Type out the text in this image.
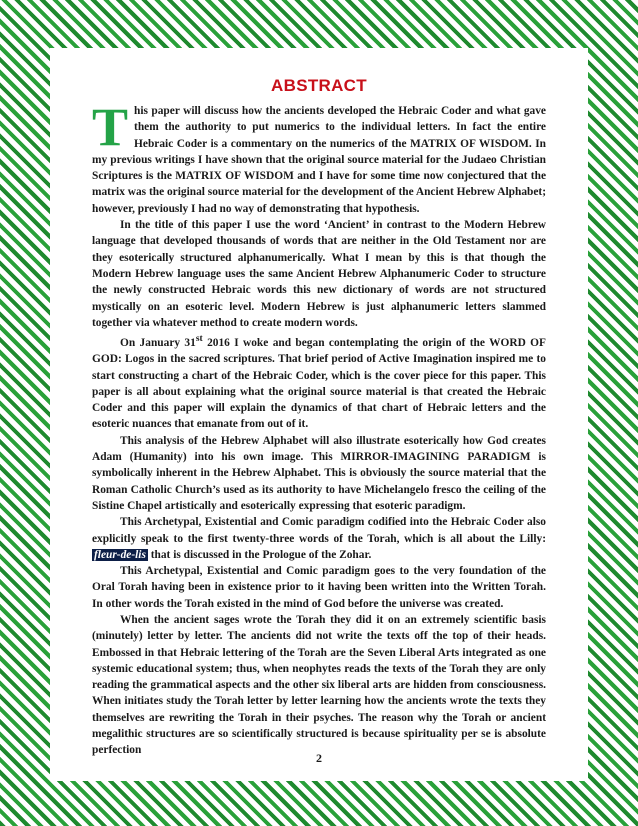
ABSTRACT

This paper will discuss how the ancients developed the Hebraic Coder and what gave them the authority to put numerics to the individual letters. In fact the entire Hebraic Coder is a commentary on the numerics of the MATRIX OF WISDOM. In my previous writings I have shown that the original source material for the Judaeo Christian Scriptures is the MATRIX OF WISDOM and I have for some time now conjectured that the matrix was the original source material for the development of the Ancient Hebrew Alphabet; however, previously I had no way of demonstrating that hypothesis.

In the title of this paper I use the word ‘Ancient’ in contrast to the Modern Hebrew language that developed thousands of words that are neither in the Old Testament nor are they esoterically structured alphanumerically. What I mean by this is that though the Modern Hebrew language uses the same Ancient Hebrew Alphanumeric Coder to structure the newly constructed Hebraic words this new dictionary of words are not structured mystically on an esoteric level. Modern Hebrew is just alphanumeric letters slammed together via whatever method to create modern words.

On January 31st 2016 I woke and began contemplating the origin of the WORD OF GOD: Logos in the sacred scriptures. That brief period of Active Imagination inspired me to start constructing a chart of the Hebraic Coder, which is the cover piece for this paper. This paper is all about explaining what the original source material is that created the Hebraic Coder and this paper will explain the dynamics of that chart of Hebraic letters and the esoteric nuances that emanate from out of it.

This analysis of the Hebrew Alphabet will also illustrate esoterically how God creates Adam (Humanity) into his own image. This MIRROR-IMAGINING PARADIGM is symbolically inherent in the Hebrew Alphabet. This is obviously the source material that the Roman Catholic Church’s used as its authority to have Michelangelo fresco the ceiling of the Sistine Chapel artistically and esoterically expressing that esoteric paradigm.

This Archetypal, Existential and Comic paradigm codified into the Hebraic Coder also explicitly speak to the first twenty-three words of the Torah, which is all about the Lilly: fleur-de-lis that is discussed in the Prologue of the Zohar.

This Archetypal, Existential and Comic paradigm goes to the very foundation of the Oral Torah having been in existence prior to it having been written into the Written Torah. In other words the Torah existed in the mind of God before the universe was created.

When the ancient sages wrote the Torah they did it on an extremely scientific basis (minutely) letter by letter. The ancients did not write the texts off the top of their heads. Embossed in that Hebraic lettering of the Torah are the Seven Liberal Arts integrated as one systemic educational system; thus, when neophytes reads the texts of the Torah they are only reading the grammatical aspects and the other six liberal arts are hidden from consciousness. When initiates study the Torah letter by letter learning how the ancients wrote the texts they themselves are rewriting the Torah in their psyches. The reason why the Torah or ancient megalithic structures are so scientifically structured is because spirituality per se is absolute perfection

2
